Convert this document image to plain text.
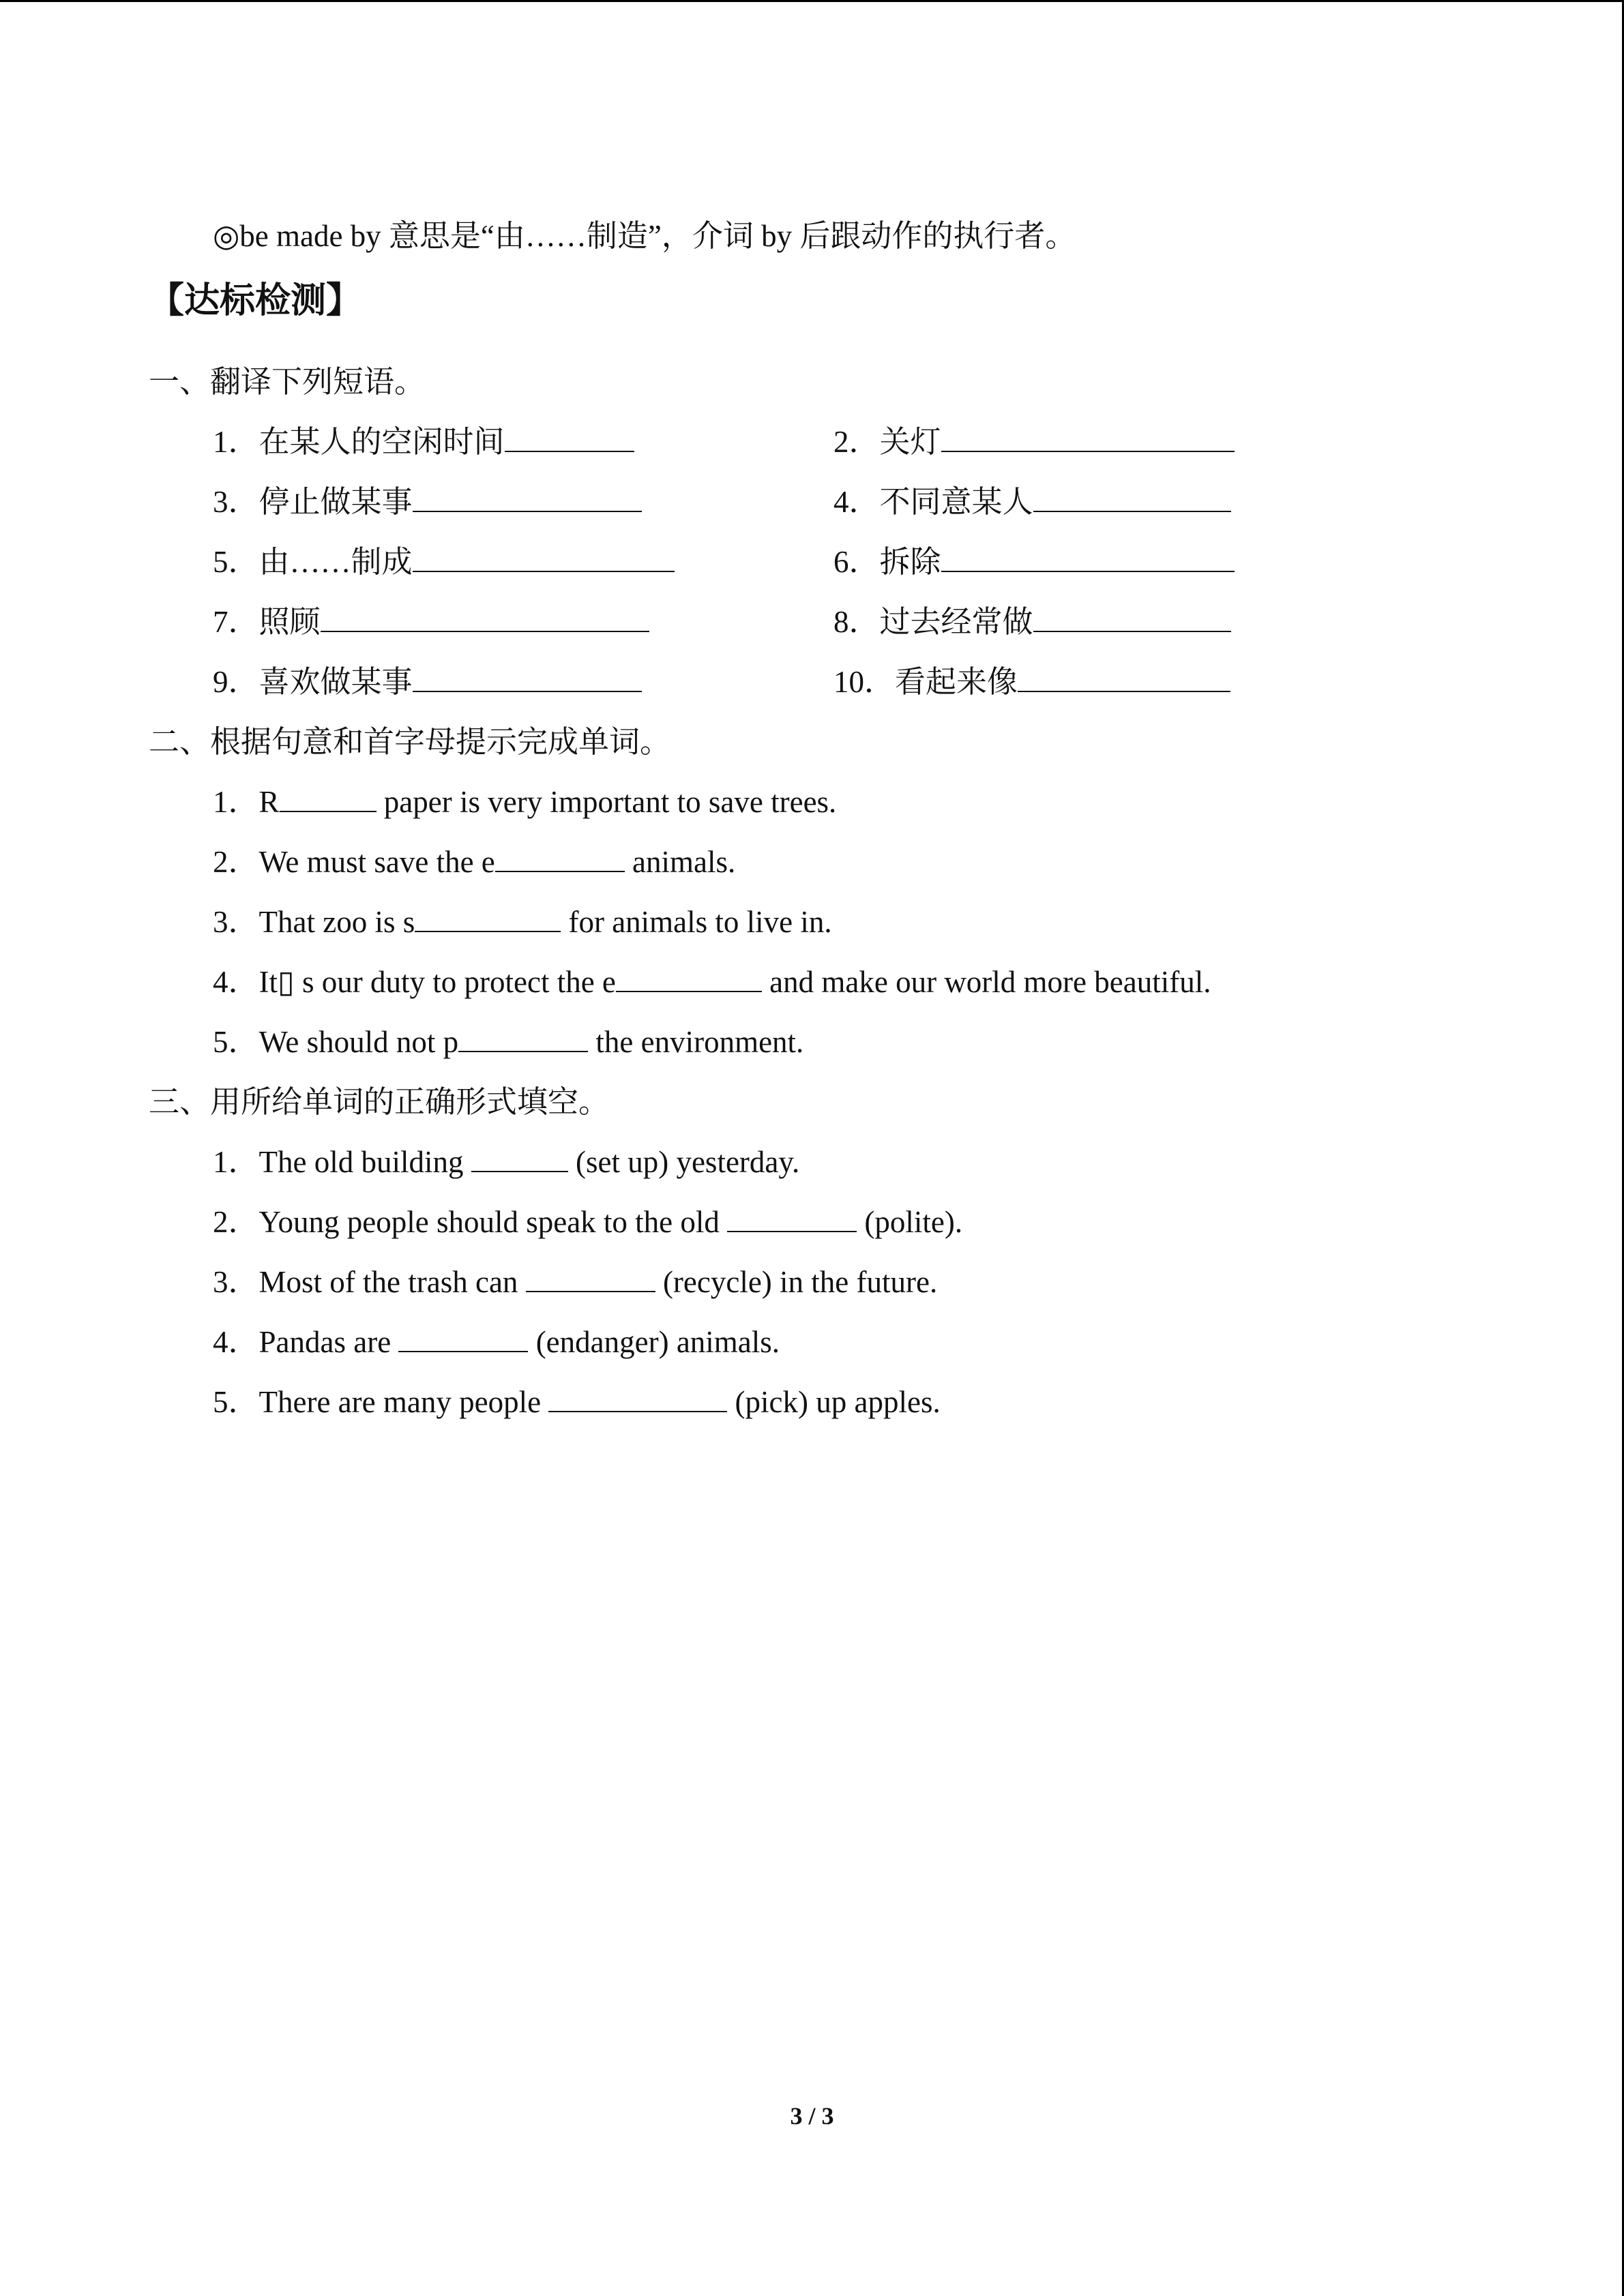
◎be made by 意思是“由……制造”，介词 by 后跟动作的执行者。
【达标检测】
一、翻译下列短语。
1．在某人的空闲时间	2．关灯
3．停止做某事	4．不同意某人
5．由……制成	6．拆除
7．照顾	8．过去经常做
9．喜欢做某事	10．看起来像
二、根据句意和首字母提示完成单词。
1．R	paper is very important to save trees.
2．We must save the e	animals.
3．That zoo is s	for animals to live in.
4．It▯ s our duty to protect the e	and make our world more beautiful.
5．We should not p	the environment.
三、用所给单词的正确形式填空。
1．The old building	(set up) yesterday.
2．Young people should speak to the old	(polite).
3．Most of the trash can	(recycle) in the future.
4．Pandas are	(endanger) animals.
5．There are many people	(pick) up apples.
3 / 3
